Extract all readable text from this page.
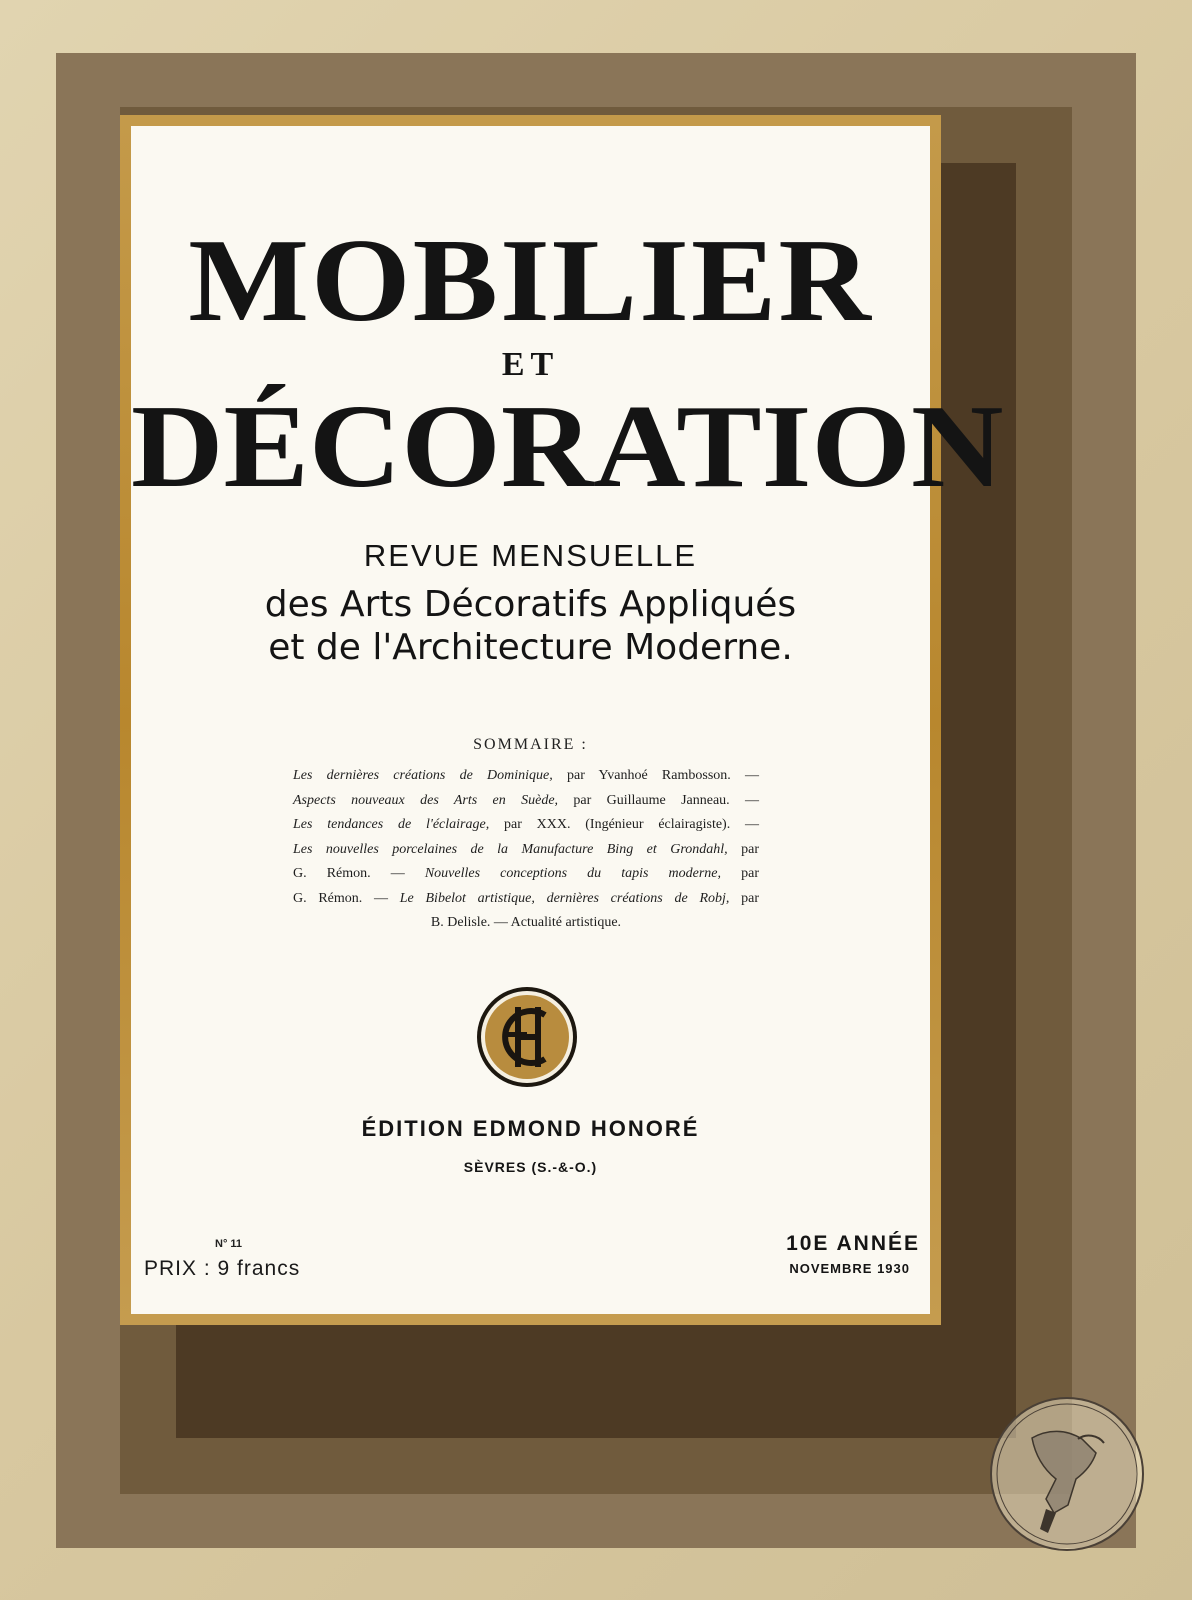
MOBILIER
ET
DÉCORATION
REVUE MENSUELLE
des Arts Décoratifs Appliqués
et de l'Architecture Moderne.
SOMMAIRE :
Les dernières créations de Dominique, par Yvanhoé Rambosson. —
Aspects nouveaux des Arts en Suède, par Guillaume Janneau. —
Les tendances de l'éclairage, par XXX. (Ingénieur éclairagiste). —
Les nouvelles porcelaines de la Manufacture Bing et Grondahl, par
G. Rémon. — Nouvelles conceptions du tapis moderne, par
G. Rémon. — Le Bibelot artistique, dernières créations de Robj, par
B. Delisle. — Actualité artistique.
ÉDITION EDMOND HONORÉ
SÈVRES (S.-&-O.)
N° 11
PRIX : 9 francs
10E ANNÉE
NOVEMBRE 1930
